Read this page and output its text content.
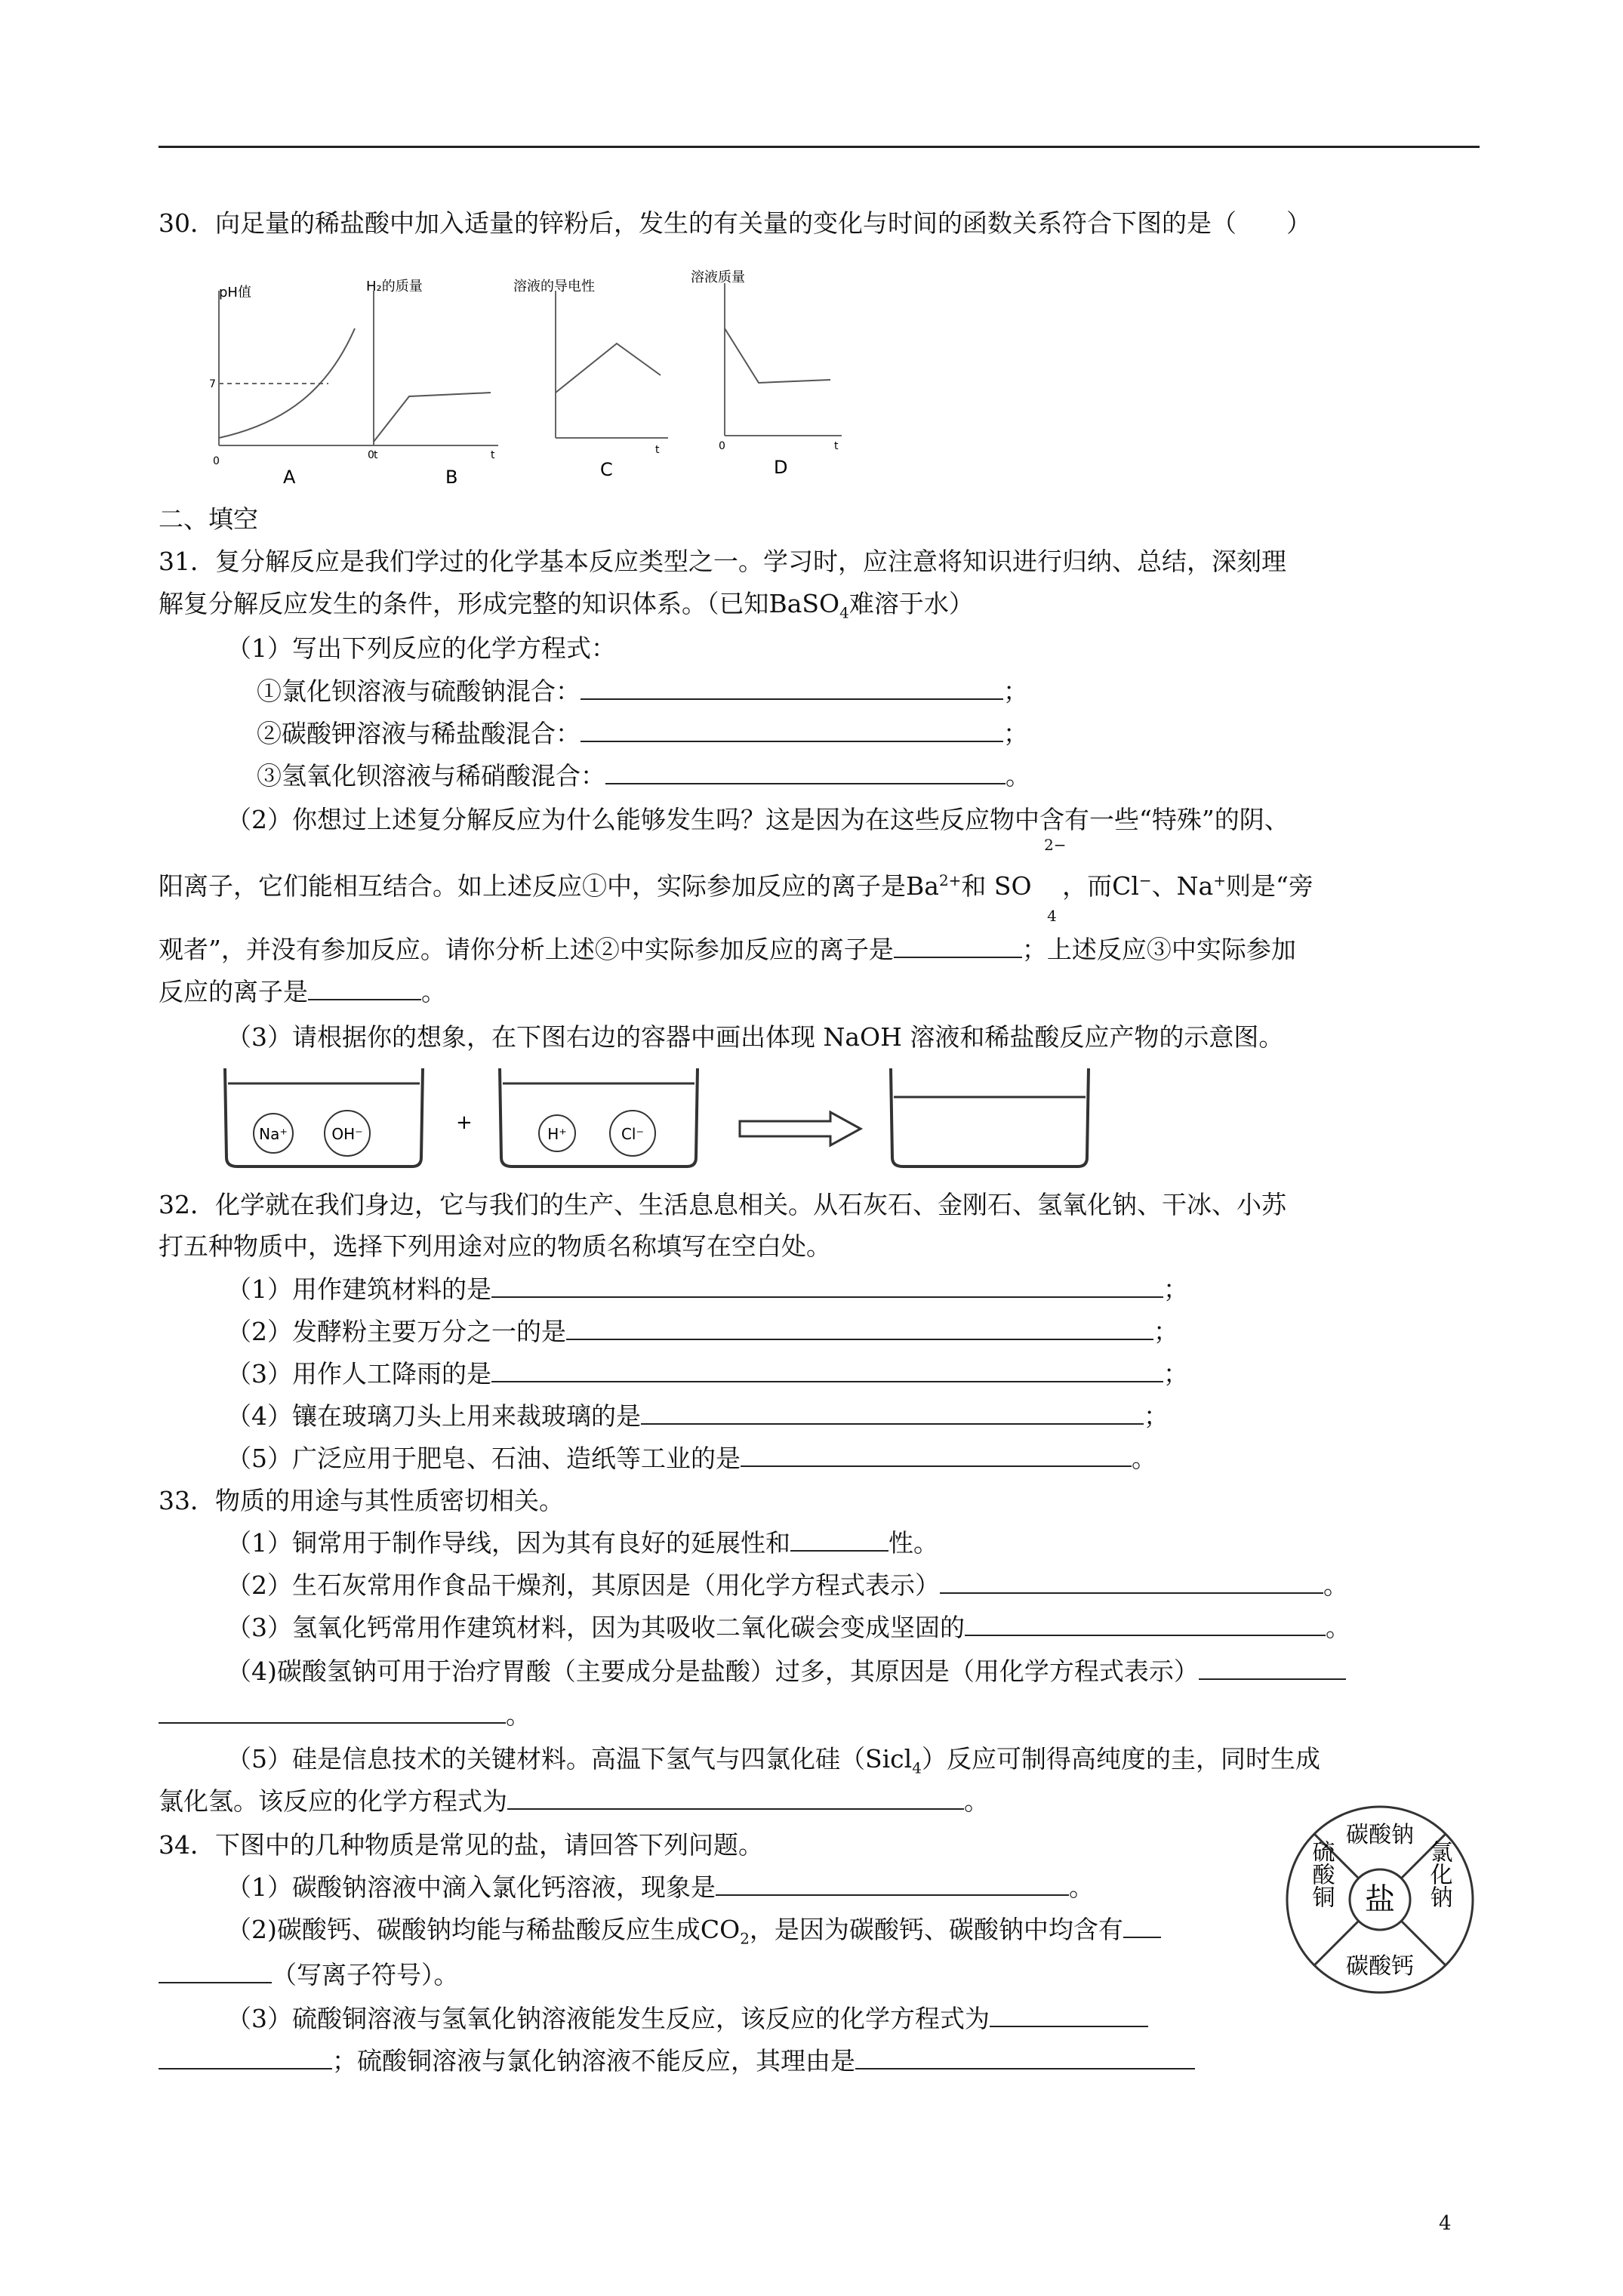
30．向足量的稀盐酸中加入适量的锌粉后，发生的有关量的变化与时间的函数关系符合下图的是（　　）
pH值
7
0	t
A
H₂的质量
0	t
B
溶液的导电性
t
C
溶液质量
0	t
D
二、填空
31．复分解反应是我们学过的化学基本反应类型之一。学习时，应注意将知识进行归纳、总结，深刻理
解复分解反应发生的条件，形成完整的知识体系。（已知BaSO$_4$难溶于水）
（1）写出下列反应的化学方程式：
①氯化钡溶液与硫酸钠混合：	；
②碳酸钾溶液与稀盐酸混合：	；
③氢氧化钡溶液与稀硝酸混合：	。
（2）你想过上述复分解反应为什么能够发生吗？这是因为在这些反应物中含有一些“特殊”的阴、
阳离子，它们能相互结合。如上述反应①中，实际参加反应的离子是$Ba^{2+}$和 SO
2−
4
，而Cl−、Na+则是“旁
观者”，并没有参加反应。请你分析上述②中实际参加反应的离子是	；上述反应③中实际参加
反应的离子是	。
（3）请根据你的想象，在下图右边的容器中画出体现 NaOH 溶液和稀盐酸反应产物的示意图。
Na⁺	OH⁻	+	H⁺	Cl⁻
32．化学就在我们身边，它与我们的生产、生活息息相关。从石灰石、金刚石、氢氧化钠、干冰、小苏
打五种物质中，选择下列用途对应的物质名称填写在空白处。
（1）用作建筑材料的是	；
（2）发酵粉主要万分之一的是	；
（3）用作人工降雨的是	；
（4）镶在玻璃刀头上用来裁玻璃的是	；
（5）广泛应用于肥皂、石油、造纸等工业的是	。
33．物质的用途与其性质密切相关。
（1）铜常用于制作导线，因为其有良好的延展性和	性。
（2）生石灰常用作食品干燥剂，其原因是（用化学方程式表示）	。
（3）氢氧化钙常用作建筑材料，因为其吸收二氧化碳会变成坚固的	。
（4)碳酸氢钠可用于治疗胃酸（主要成分是盐酸）过多，其原因是（用化学方程式表示）
。
（5）硅是信息技术的关键材料。高温下氢气与四氯化硅（Sicl$_4$）反应可制得高纯度的圭，同时生成
氯化氢。该反应的化学方程式为	。
34．下图中的几种物质是常见的盐，请回答下列问题。
（1）碳酸钠溶液中滴入氯化钙溶液，现象是	。
（2)碳酸钙、碳酸钠均能与稀盐酸反应生成$CO_2$，是因为碳酸钙、碳酸钠中均含有
（写离子符号）。
（3）硫酸铜溶液与氢氧化钠溶液能发生反应，该反应的化学方程式为
；硫酸铜溶液与氯化钠溶液不能反应，其理由是
盐
碳酸钠
碳酸钙
氯化钠
硫酸铜
4
